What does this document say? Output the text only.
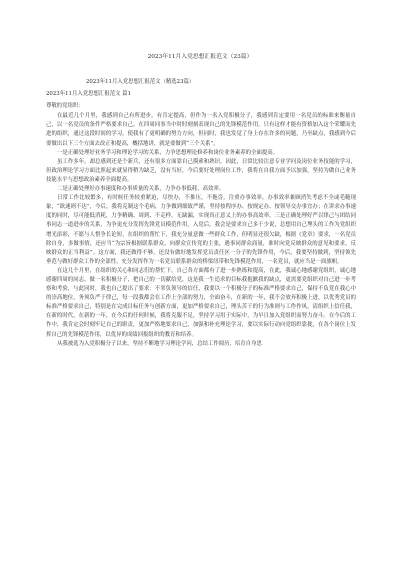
2023年11月入党思想汇报范文（23篇）
2023年11月入党思想汇报范文（精选23篇）
2023年11月入党思想汇报范文 篇1
尊敬的党组织：

在最近几个月里，我感到自己有所进步，有肯定提高，但作为一名入党积极分子，我感到肯定要用一名党员的标准来衡量自己，以一名党员的条件严格要求自己，在四周同事当中时时刻刻表现自己的先锋模范作用，只有这样才能有资格加入这个荣耀而先进的组织，通过这段时间的学习，使我有了更明确的努力方向，但同时，我也发觉了身上存在许多的问题，乃至缺点，我感到今后要做出以下三个方面去改正和提高，概括地讲，就是要做到“三个关系”。

一是正确处理好业务学习和理论学习的关系，力争思想理论修养和岗位业务素养的全面提高。

虽工作多年，却总感到还是个新兵，还有很多方面靠自己摸索和熟识，因此，日常比较注意专业学问及岗位业务技能的学习，但政治理论学习方面比照起来就显得稍为缺乏，没有当好，今后要好处理岗位工作，我将在自我方面予以加强，坚持为做自己业务技能水平与思想政治素养全面提高。

二是正确处理好办事速度和办事质量的关系，力争办事低耗、高效率。

日常工作比较繁多，有时候任务较重紧迫，尽快办，不推压，不拖沓，注重办事效率，办事效率兼顾消失考虑不全或毛糙现象，“欲速则不达”，今后，我将克制这个毛病，力争做到细致严谨，坚持按程序办、按规定办、按领导交办事宜办；在讲求办事速度的同时，尽可能低消耗，力争精确、周到、不走样，无缺漏，实现真正意义上的办事高效率。三是正确处理好严以律己与团结同事同志一道进步的关系，为争更充分发挥先锋党员模范作用，入党后，我会是要求自己多干少说，总想用自己埋头的工作为党组织增光添彩，不愿与人惜争长论短，在组织的帮忙下，我充分量意做一些群众工作，但明显还很欠缺，根据《党章》要求，一名党员除自身，多做事情，还应当“为宗旨根据联系群众，向群众宣传党的主张，遇事同群众商量，准时向党反映群众的意见和要求，反映群众的正当利益”。这方面，我还做得不够，还没有做好地发挥党员责任区一分子的先锋作用，今后，我要坚持做到，坚持领先垂范与做好群众工作的全部性，充分发挥作为一名党员联系群众的桥梁纽带和先锋模范作用，一名党员，就应当是一面旗帜。

在这几个月里，在组织的关心和同志们的帮忙下，自己各方面都有了进一步熟练和提高，在此，我诚心地感谢党组织，诚心地感谢四周的同志。做一名积极分子，把自己的一切献给党，这是我一生追求的目标我抱歉我的缺点，更需要党组织对自己进一步考察和考验，与此同时，我也自己提出了要求：不辜负领导的信任，我要以一个积极分子的标准严格要求自己，保持不负党在我心中的崇高地位，务须负严于律己，每一段我都会在工作上全部的努力，全面奋斗，在新的一年，我不会放弃积极上进，以优秀党员的标准严格要求自己，特别是在完成目标任务与创新方面，更加严格要求自己，理头苦干的行为准则与工作作风，请组织上信任我，在新的时代，在新的一年，在今后的任何时候，我将克服不足，坚持学习用于实际中，为早日加入党组织而努力奋斗。在今后的工作中，我肯定会时刻牢记自己的职责，更加严格地要求自己，加强和补充理论学习，要以实际行动向党组织靠拢，在各个岗位上发挥自己的先锋模范作用，以优异的成绩回报组织的教育和培养。

从我被选为入党积极分子以来，坚持不断地学习理论学问，总结工作阅历，培育自身思
